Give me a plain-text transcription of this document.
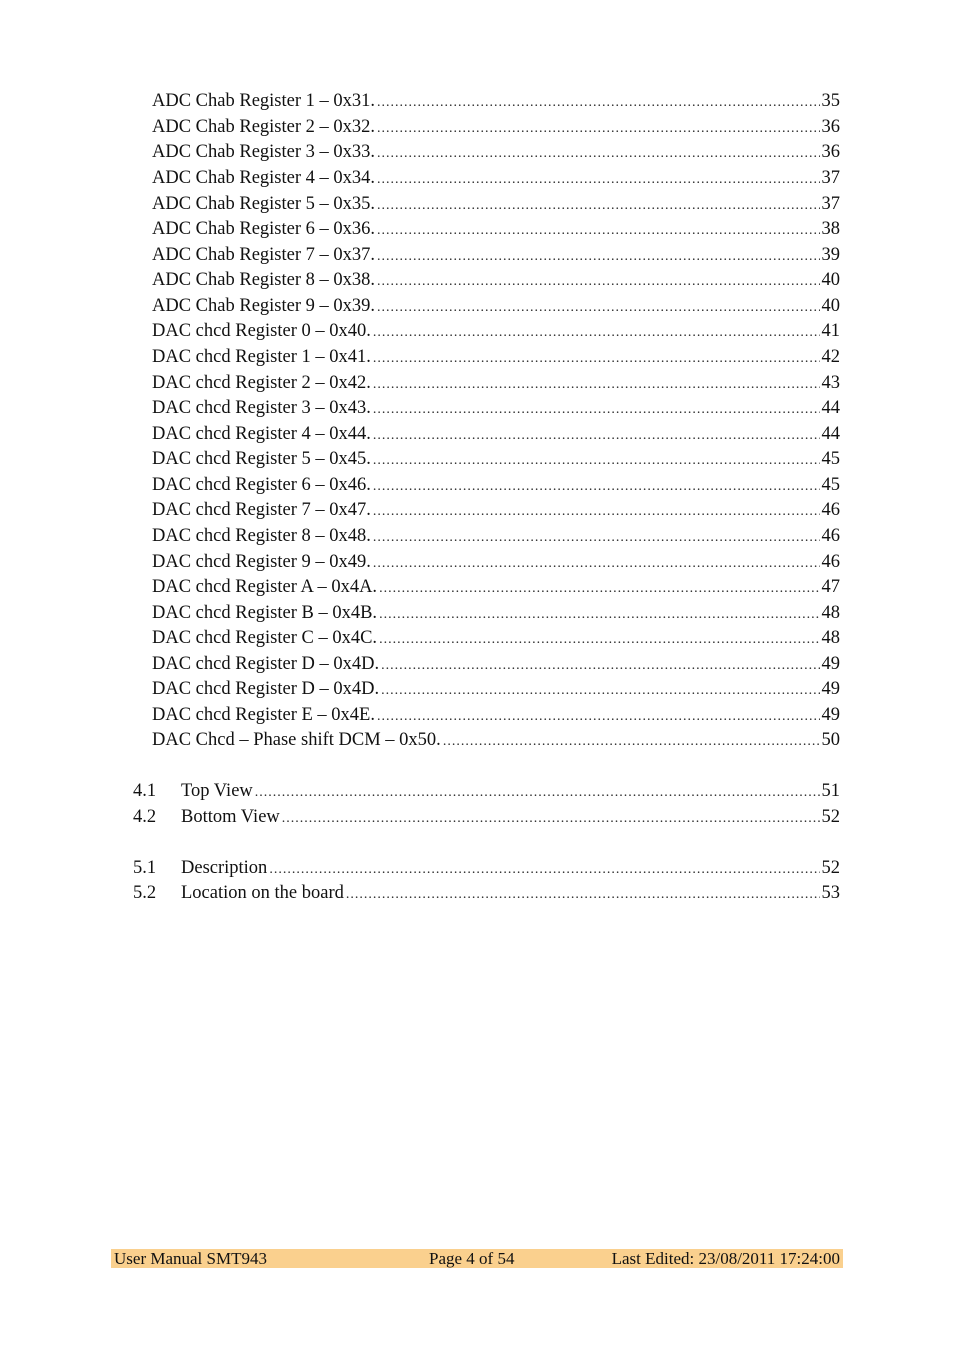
ADC Chab Register 1 – 0x31. .....	35
ADC Chab Register 2 – 0x32. .....	36
ADC Chab Register 3 – 0x33. .....	36
ADC Chab Register 4 – 0x34. .....	37
ADC Chab Register 5 – 0x35. .....	37
ADC Chab Register 6 – 0x36. .....	38
ADC Chab Register 7 – 0x37. .....	39
ADC Chab Register 8 – 0x38. .....	40
ADC Chab Register 9 – 0x39. .....	40
DAC chcd Register 0 – 0x40. .....	41
DAC chcd Register 1 – 0x41. .....	42
DAC chcd Register 2 – 0x42. .....	43
DAC chcd Register 3 – 0x43. .....	44
DAC chcd Register 4 – 0x44. .....	44
DAC chcd Register 5 – 0x45. .....	45
DAC chcd Register 6 – 0x46. .....	45
DAC chcd Register 7 – 0x47. .....	46
DAC chcd Register 8 – 0x48. .....	46
DAC chcd Register 9 – 0x49. .....	46
DAC chcd Register A – 0x4A. .....	47
DAC chcd Register B – 0x4B. .....	48
DAC chcd Register C – 0x4C. .....	48
DAC chcd Register D – 0x4D. .....	49
DAC chcd Register D – 0x4D. .....	49
DAC chcd Register E – 0x4E. .....	49
DAC Chcd – Phase shift DCM – 0x50. .....	50
4.1	Top View .....	51
4.2	Bottom View .....	52
5.1	Description .....	52
5.2	Location on the board .....	53
User Manual SMT943	Page 4 of 54	Last Edited: 23/08/2011 17:24:00
